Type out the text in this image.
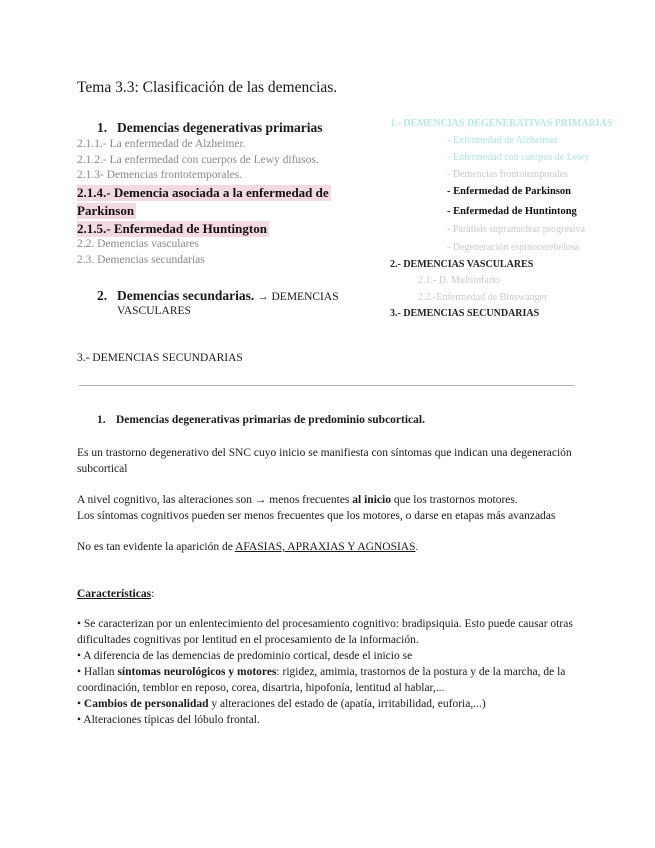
Tema 3.3: Clasificación de las demencias.
1. Demencias degenerativas primarias
2.1.1.- La enfermedad de Alzheimer.
2.1.2.- La enfermedad con cuerpos de Lewy difusos.
2.1.3- Demencias frontotemporales.
2.1.4.- Demencia asociada a la enfermedad de
Parkinson
2.1.5.- Enfermedad de Huntington
2.2. Demencias vasculares
2.3. Demencias secundarias
2. Demencias secundarias. → DEMENCIAS
VASCULARES
1.- DEMENCIAS DEGENERATIVAS PRIMARIAS
- Enfermedad de Alzheimer
- Enfermedad con cuerpos de Lewy
- Demencias frontotemporales
- Enfermedad de Parkinson
- Enfermedad de Huntintong
- Parálisis supranuclear progresiva
- Degeneración espinocerebelosa
2.- DEMENCIAS VASCULARES
2.1.- D. Multiinfarto
2.2.-Enfermedad de Binswanger
3.- DEMENCIAS SECUNDARIAS
3.- DEMENCIAS SECUNDARIAS
1. Demencias degenerativas primarias de predominio subcortical.
Es un trastorno degenerativo del SNC cuyo inicio se manifiesta con síntomas que indican una degeneración subcortical
A nivel cognitivo, las alteraciones son → menos frecuentes al inicio que los trastornos motores.
Los síntomas cognitivos pueden ser menos frecuentes que los motores, o darse en etapas más avanzadas
No es tan evidente la aparición de AFASIAS, APRAXIAS Y AGNOSIAS.
Características:
• Se caracterizan por un enlentecimiento del procesamiento cognitivo: bradipsiquia. Esto puede causar otras dificultades cognitivas por lentitud en el procesamiento de la información.
• A diferencia de las demencias de predominio cortical, desde el inicio se
• Hallan síntomas neurológicos y motores: rigidez, amimia, trastornos de la postura y de la marcha, de la coordinación, temblor en reposo, corea, disartria, hipofonía, lentitud al hablar,...
• Cambios de personalidad y alteraciones del estado de (apatía, irritabilidad, euforia,...)
• Alteraciones típicas del lóbulo frontal.
